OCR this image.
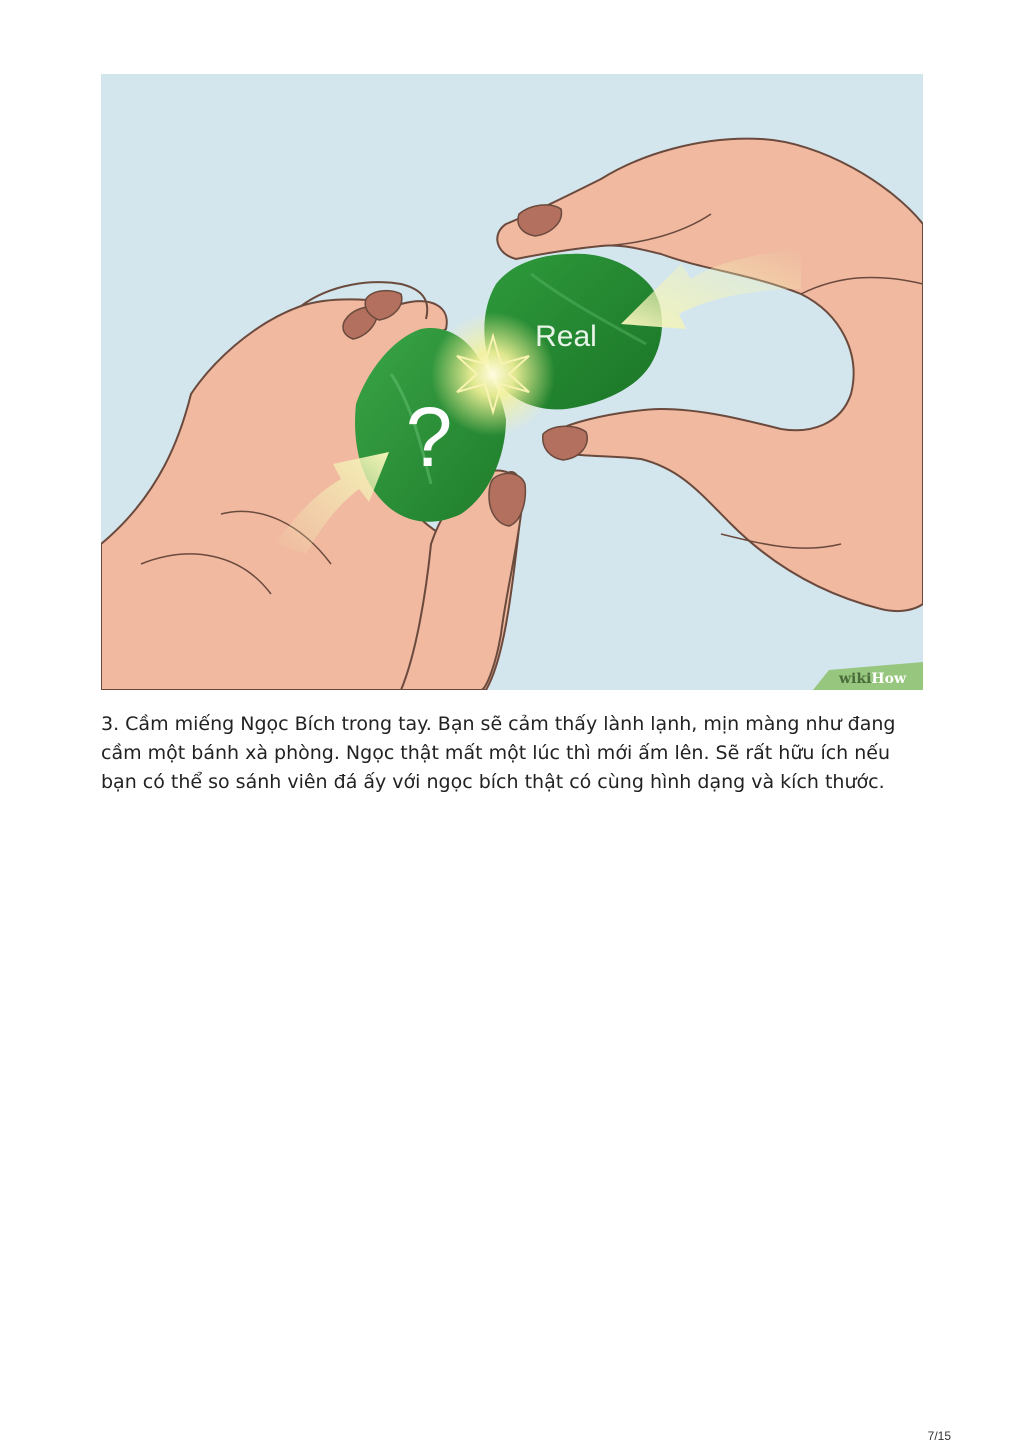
Real
?
wikiHow

3. Cầm miếng Ngọc Bích trong tay. Bạn sẽ cảm thấy lành lạnh, mịn màng như đang cầm một bánh xà phòng. Ngọc thật mất một lúc thì mới ấm lên. Sẽ rất hữu ích nếu bạn có thể so sánh viên đá ấy với ngọc bích thật có cùng hình dạng và kích thước.

7/15
